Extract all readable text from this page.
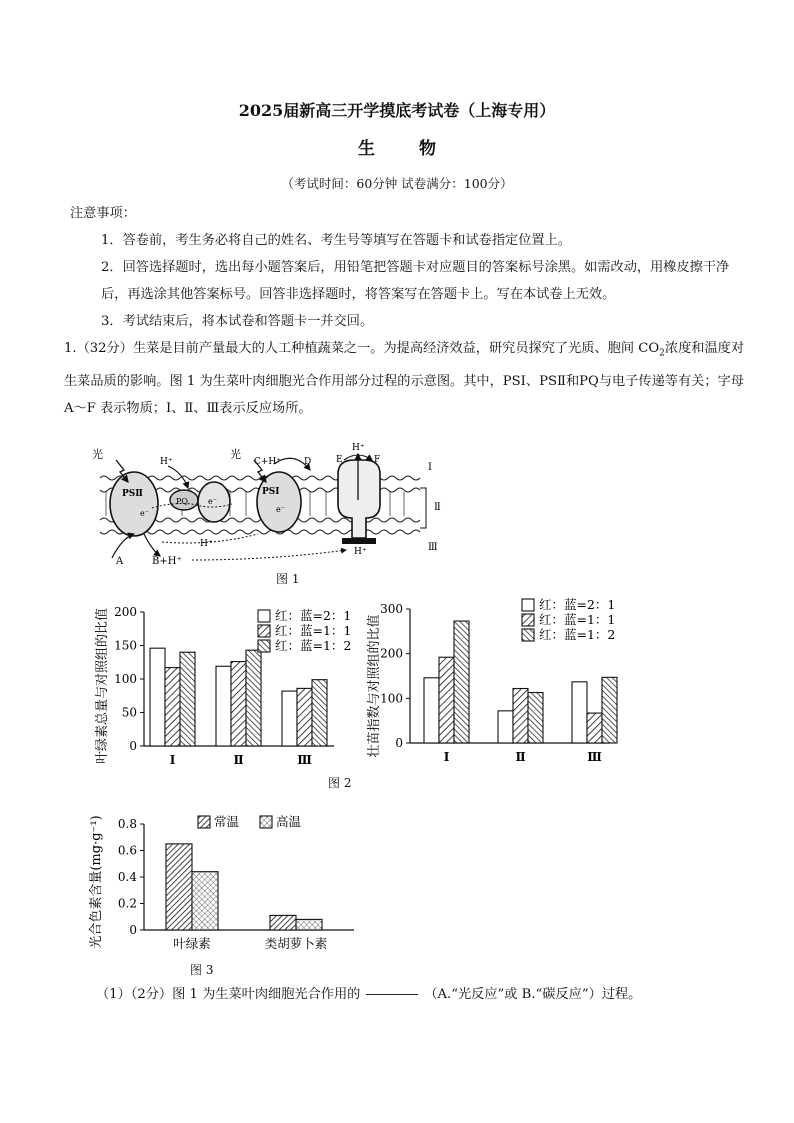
2025届新高三开学摸底考试卷（上海专用）
生物
（考试时间：60分钟 试卷满分：100分）
注意事项：
1．答卷前，考生务必将自己的姓名、考生号等填写在答题卡和试卷指定位置上。
2．回答选择题时，选出每小题答案后，用铅笔把答题卡对应题目的答案标号涂黑。如需改动，用橡皮擦干净后，再选涂其他答案标号。回答非选择题时，将答案写在答题卡上。写在本试卷上无效。
3．考试结束后，将本试卷和答题卡一并交回。
1.（32分）生菜是目前产量最大的人工种植蔬菜之一。为提高经济效益，研究员探究了光质、胞间 $CO_2$浓度和温度对生菜品质的影响。图 1 为生菜叶肉细胞光合作用部分过程的示意图。其中，PSⅠ、PSⅡ和PQ与电子传递等有关；字母 A～F 表示物质；Ⅰ、Ⅱ、Ⅲ表示反应场所。
光	光
PSⅡ	PSⅠ
PQ
e⁻
e⁻
e⁻
H⁺	C+H⁺	D
H⁺
E	F
H⁺
H⁺
A	B+H⁺
Ⅰ
Ⅱ
Ⅲ
图 1
0
50
100
150
200
Ⅰ	Ⅱ	Ⅲ
红：蓝=2：1
红：蓝=1：1
红：蓝=1：2
叶绿素总量与对照组的比值	0
100
200
300
Ⅰ	Ⅱ	Ⅲ
红：蓝=2：1
红：蓝=1：1
红：蓝=1：2
壮苗指数与对照组的比值
图 2
0
0.2
0.4
0.6
0.8
叶绿素	类胡萝卜素
常温	高温
光合色素含量(mg·g⁻¹)
图 3
（1）（2分）图 1 为生菜叶肉细胞光合作用的	（A.“光反应”或 B.“碳反应”）过程。
